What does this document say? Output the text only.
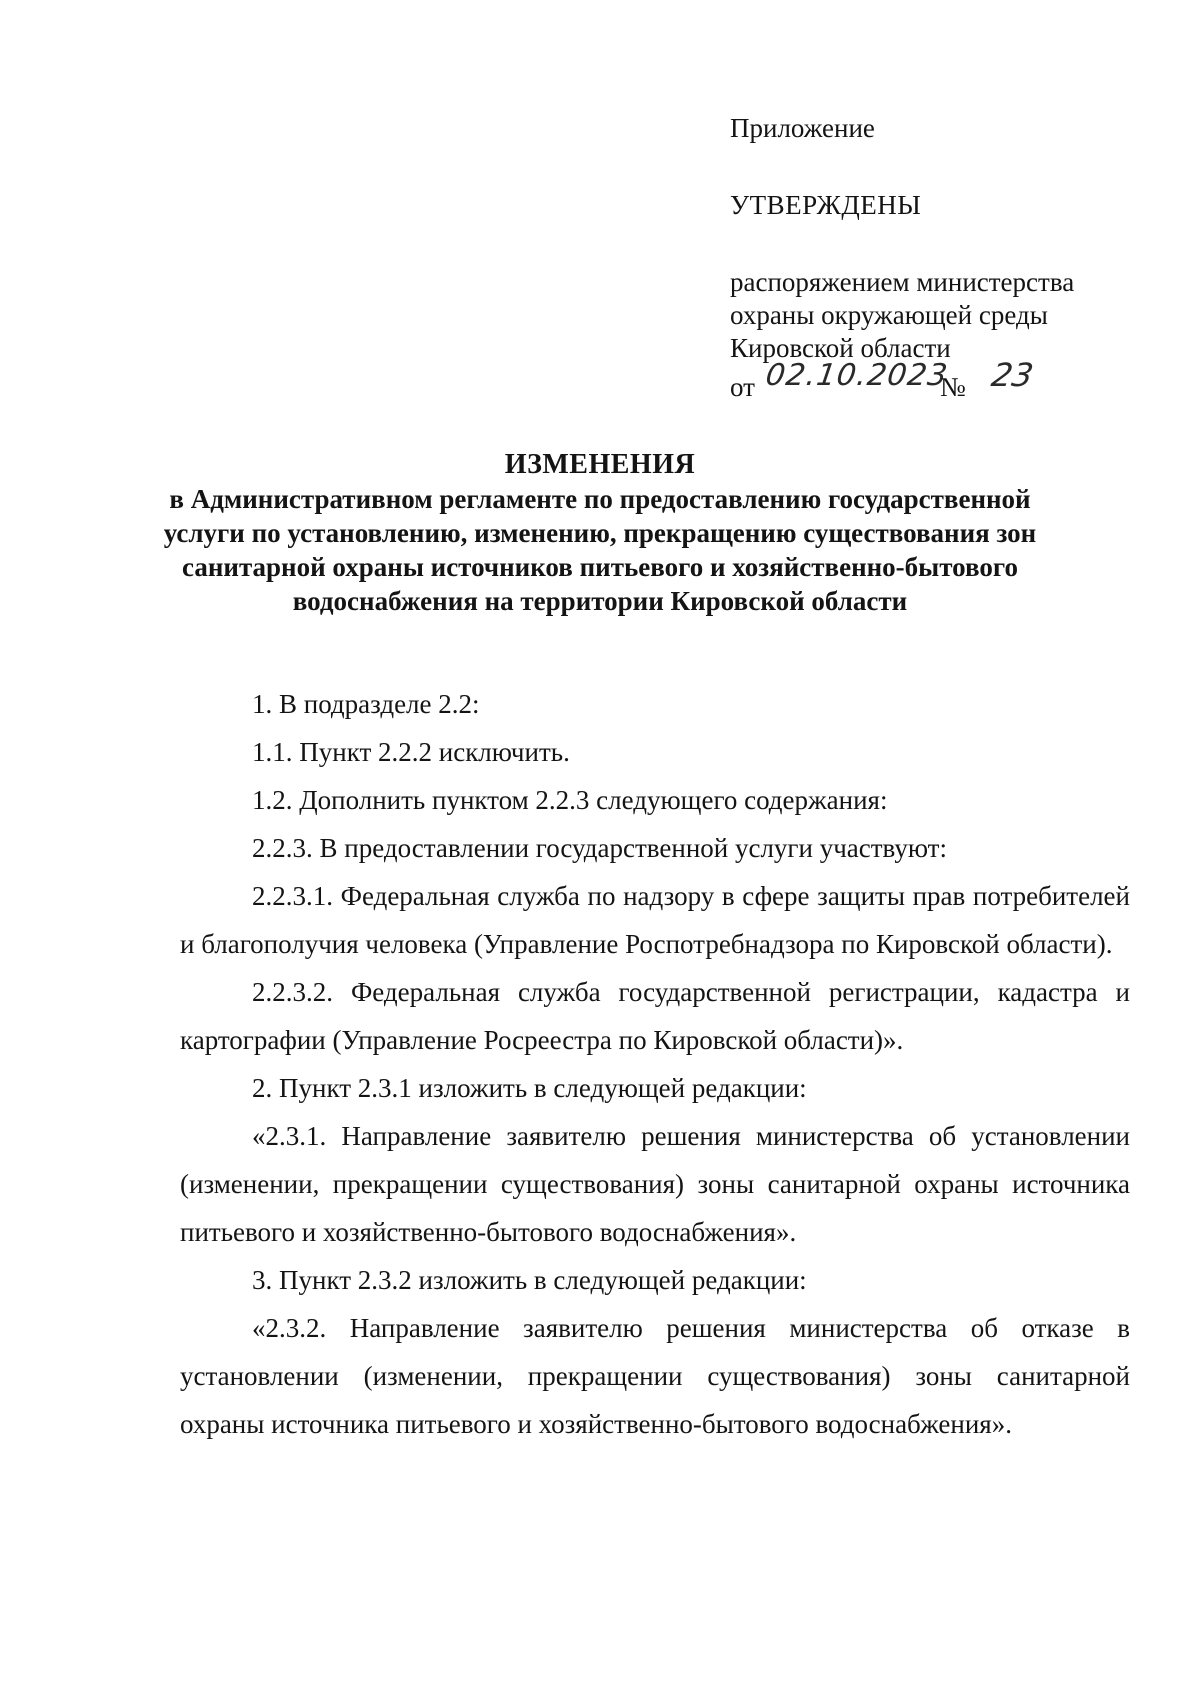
Приложение
УТВЕРЖДЕНЫ
распоряжением министерства
охраны окружающей среды
Кировской области
от 02.10.2023
№ 23
ИЗМЕНЕНИЯ
в Административном регламенте по предоставлению государственной
услуги по установлению, изменению, прекращению существования зон
санитарной охраны источников питьевого и хозяйственно-бытового
водоснабжения на территории Кировской области

1. В подразделе 2.2:

1.1. Пункт 2.2.2 исключить.

1.2. Дополнить пунктом 2.2.3 следующего содержания:

2.2.3. В предоставлении государственной услуги участвуют:

2.2.3.1. Федеральная служба по надзору в сфере защиты прав потребителей и благополучия человека (Управление Роспотребнадзора по Кировской области).

2.2.3.2. Федеральная служба государственной регистрации, кадастра и картографии (Управление Росреестра по Кировской области)».

2. Пункт 2.3.1 изложить в следующей редакции:

«2.3.1. Направление заявителю решения министерства об установлении (изменении, прекращении существования) зоны санитарной охраны источника питьевого и хозяйственно-бытового водоснабжения».

3. Пункт 2.3.2 изложить в следующей редакции:

«2.3.2. Направление заявителю решения министерства об отказе в установлении (изменении, прекращении существования) зоны санитарной охраны источника питьевого и хозяйственно-бытового водоснабжения».
